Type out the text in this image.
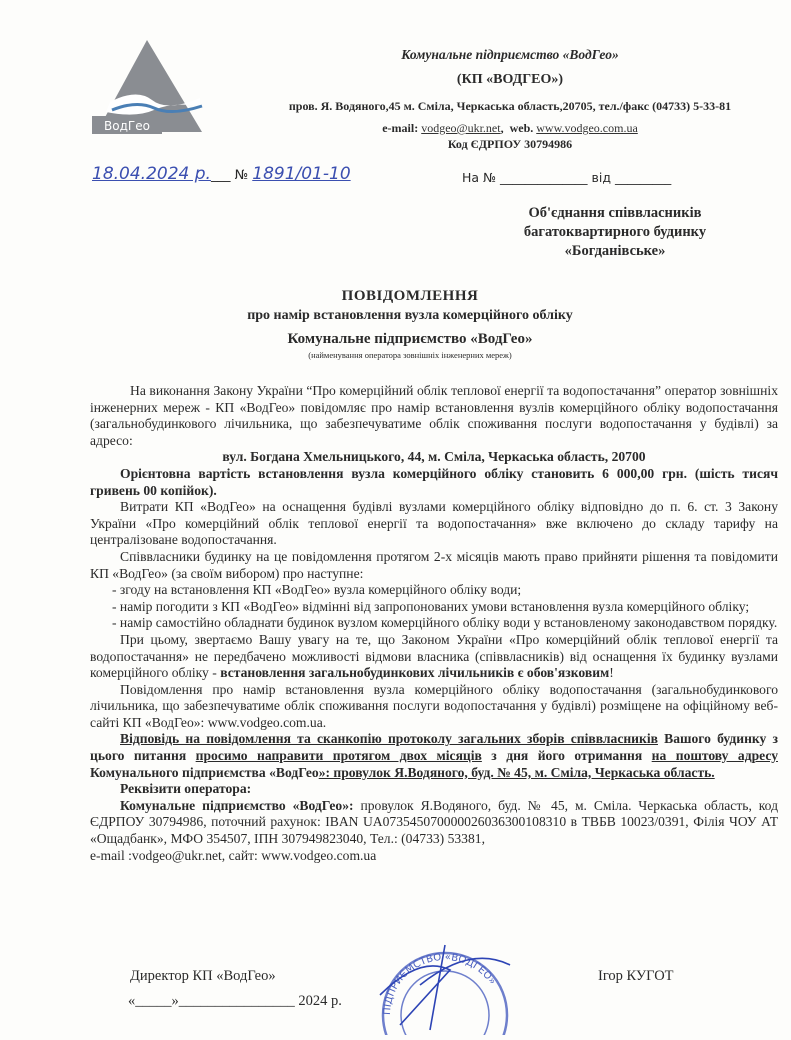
ВодГео
Комунальне підприємство «ВодГео»
(КП «ВОДГЕО»)
пров. Я. Водяного,45 м. Сміла, Черкаська область,20705, тел./факс (04733) 5-33-81
e-mail: vodgeo@ukr.net,  web. www.vodgeo.com.ua
Код ЄДРПОУ 30794986
18.04.2024 р.___ № 1891/01-10	На № ______________ від _________
Об'єднання співвласників
багатоквартирного будинку
«Богданівське»
ПОВІДОМЛЕННЯ
про намір встановлення вузла комерційного обліку
Комунальне підприємство «ВодГео»
(найменування оператора зовнішніх інженерних мереж)

На виконання Закону України “Про комерційний облік теплової енергії та водопостачання” оператор зовнішніх інженерних мереж - КП «ВодГео» повідомляє про намір встановлення вузлів комерційного обліку водопостачання (загальнобудинкового лічильника, що забезпечуватиме облік споживання послуги водопостачання у будівлі) за адресо:

вул. Богдана Хмельницького, 44, м. Сміла, Черкаська область, 20700

Орієнтовна вартість встановлення вузла комерційного обліку становить 6 000,00 грн. (шість тисяч гривень 00 копійок).

Витрати КП «ВодГео» на оснащення будівлі вузлами комерційного обліку відповідно до п. 6. ст. 3 Закону України «Про комерційний облік теплової енергії та водопостачання» вже включено до складу тарифу на централізоване водопостачання.

Співвласники будинку на це повідомлення протягом 2-х місяців мають право прийняти рішення та повідомити КП «ВодГео» (за своїм вибором) про наступне:

- згоду на встановлення КП «ВодГео» вузла комерційного обліку води;

- намір погодити з КП «ВодГео» відмінні від запропонованих умови встановлення вузла комерційного обліку;

- намір самостійно обладнати будинок вузлом комерційного обліку води у встановленому законодавством порядку.

При цьому, звертаємо Вашу увагу на те, що Законом України «Про комерційний облік теплової енергії та водопостачання» не передбачено можливості відмови власника (співвласників) від оснащення їх будинку вузлами комерційного обліку - встановлення загальнобудинкових лічильників є обов'язковим!

Повідомлення про намір встановлення вузла комерційного обліку водопостачання (загальнобудинкового лічильника, що забезпечуватиме облік споживання послуги водопостачання у будівлі) розміщене на офіційному веб-сайті КП «ВодГео»: www.vodgeo.com.ua.

Відповідь на повідомлення та сканкопію протоколу загальних зборів співвласників Вашого будинку з цього питання просимо направити протягом двох місяців з дня його отримання на поштову адресу Комунального підприємства «ВодГео»: провулок Я.Водяного, буд. № 45, м. Сміла, Черкаська область.

Реквізити оператора:

Комунальне підприємство «ВодГео»: провулок Я.Водяного, буд. № 45, м. Сміла. Черкаська область, код ЄДРПОУ 30794986, поточний рахунок: IBAN UA073545070000026036300108310 в ТВБВ 10023/0391, Філія ЧОУ АТ «Ощадбанк», МФО 354507, ІПН 307949823040, Тел.: (04733) 53381,

e-mail :vodgeo@ukr.net, сайт: www.vodgeo.com.ua

ПІДПРИЄМСТВО «ВОДГЕО»
Директор КП «ВодГео»	Ігор КУГОТ
«_____»________________ 2024 р.
